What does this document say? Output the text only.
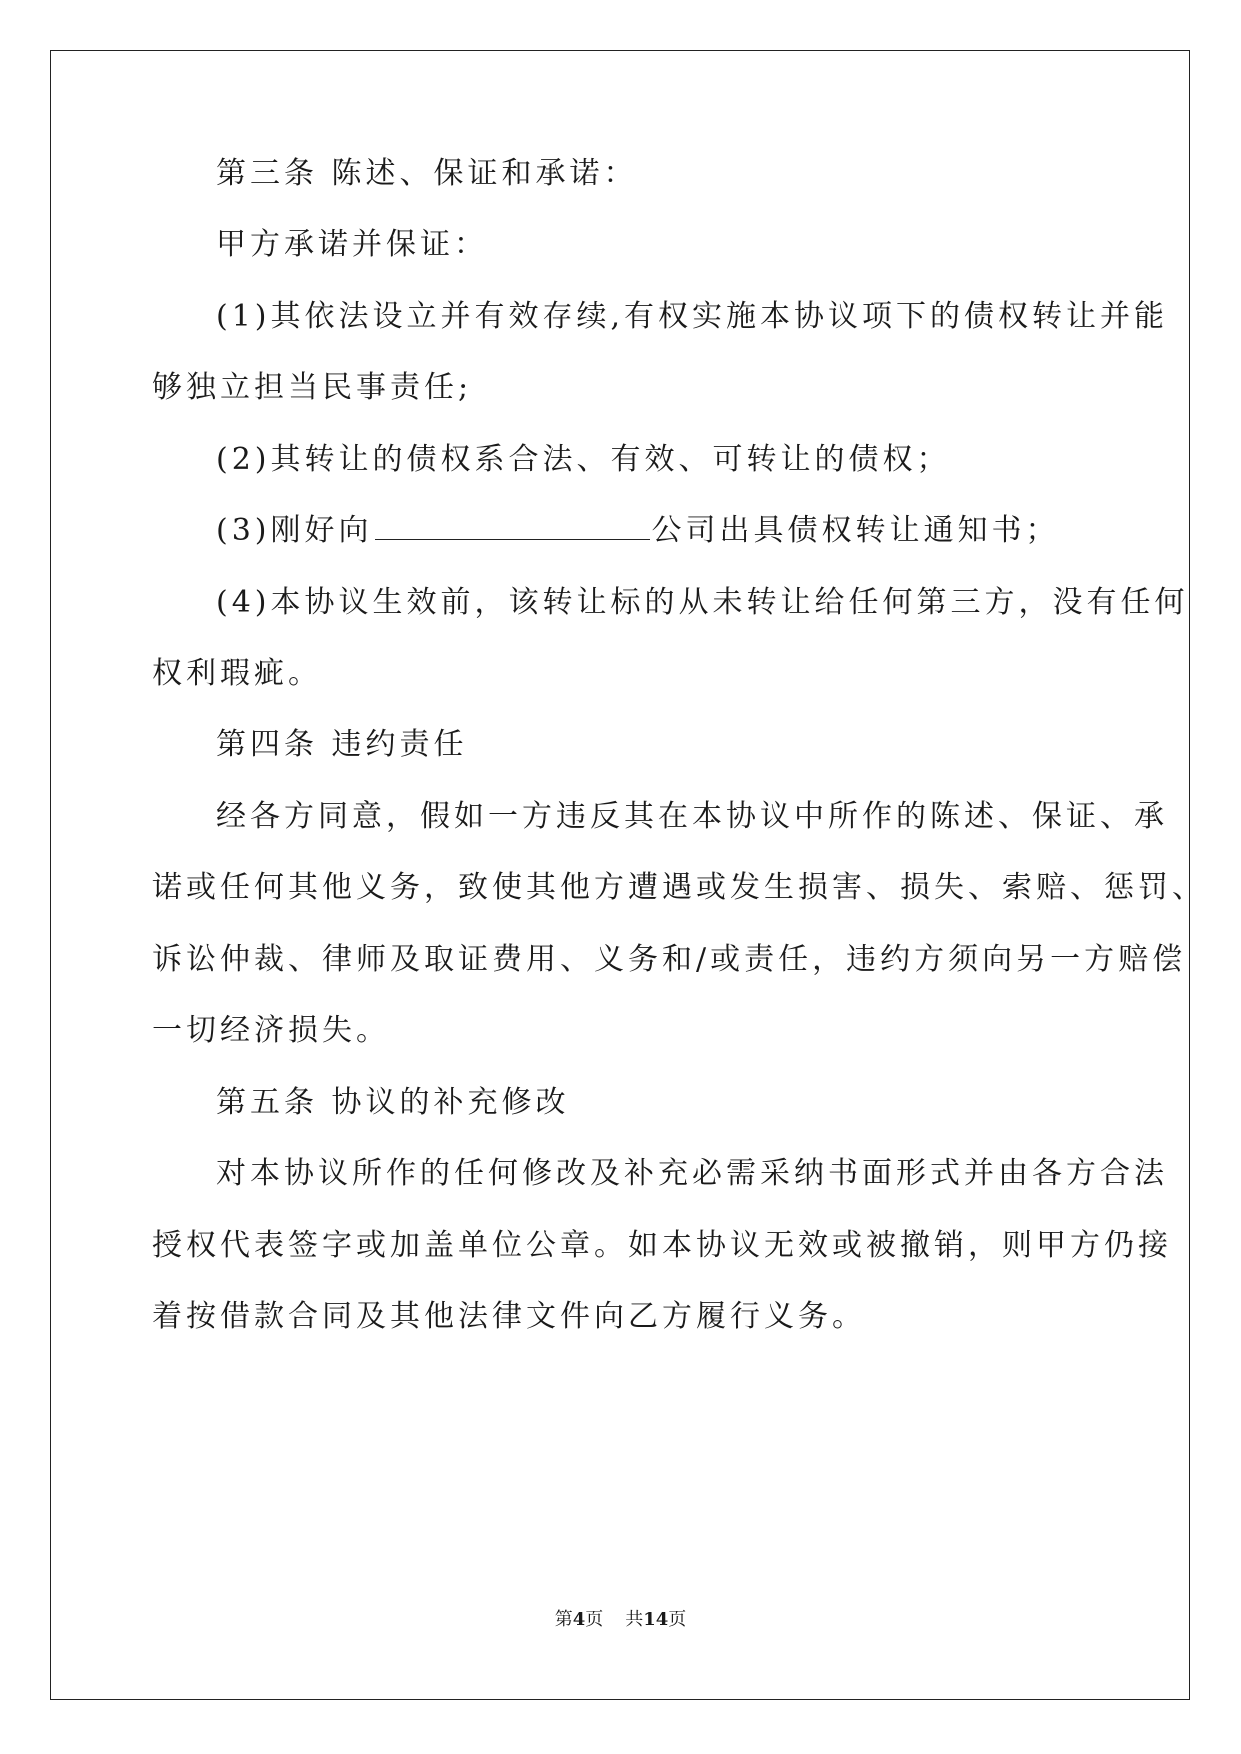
第三条 陈述、保证和承诺：
甲方承诺并保证：
(1)其依法设立并有效存续,有权实施本协议项下的债权转让并能
够独立担当民事责任;
(2)其转让的债权系合法、有效、可转让的债权；
(3)刚好向	公司出具债权转让通知书；
(4)本协议生效前，该转让标的从未转让给任何第三方，没有任何
权利瑕疵。
第四条 违约责任
经各方同意，假如一方违反其在本协议中所作的陈述、保证、承
诺或任何其他义务，致使其他方遭遇或发生损害、损失、索赔、惩罚、
诉讼仲裁、律师及取证费用、义务和/或责任，违约方须向另一方赔偿
一切经济损失。
第五条 协议的补充修改
对本协议所作的任何修改及补充必需采纳书面形式并由各方合法
授权代表签字或加盖单位公章。如本协议无效或被撤销，则甲方仍接
着按借款合同及其他法律文件向乙方履行义务。
第4页 共14页
